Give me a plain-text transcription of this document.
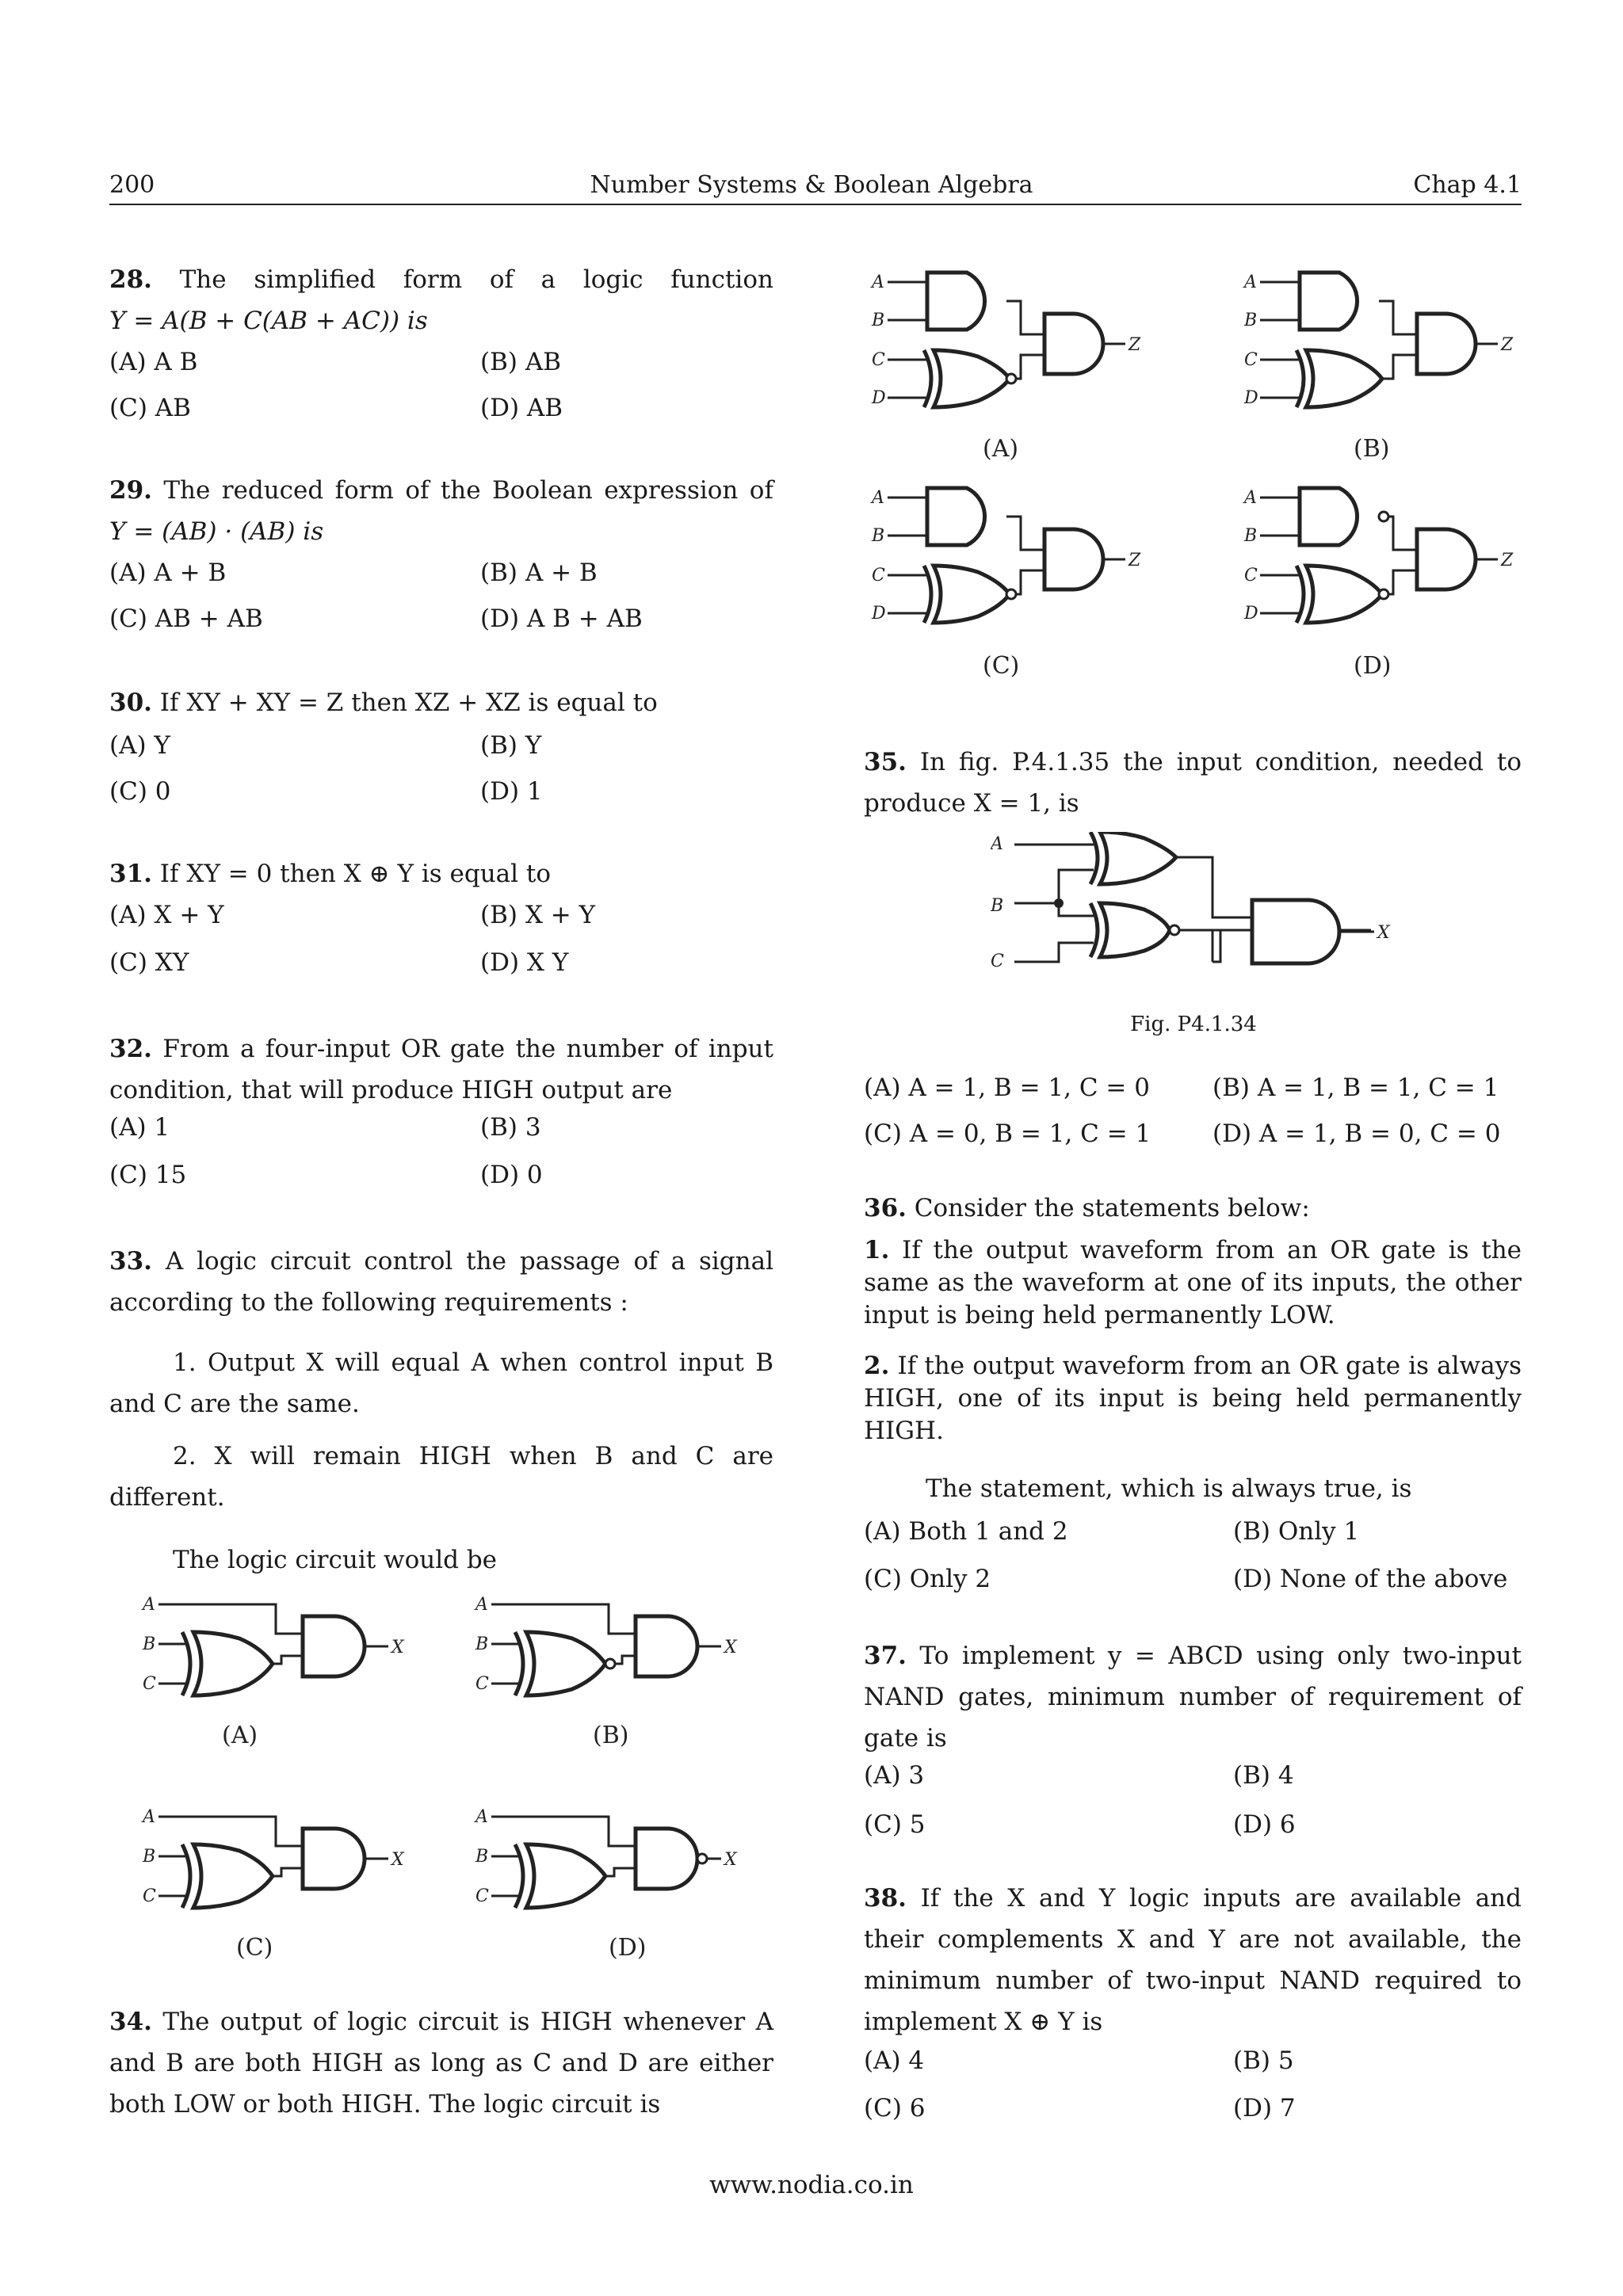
200	Number Systems & Boolean Algebra	Chap 4.1
28. The simplified form of a logic function
Y = A(B + C(AB + AC)) is
(A) A B	(B) AB
(C) AB	(D) AB
29. The reduced form of the Boolean expression of
Y = (AB) · (AB) is
(A) A + B	(B) A + B
(C) AB + AB	(D) A B + AB
30. If XY + XY = Z then XZ + XZ is equal to
(A) Y	(B) Y
(C) 0	(D) 1
31. If XY = 0 then X ⊕ Y is equal to
(A) X + Y	(B) X + Y
(C) XY	(D) X Y
32. From a four-input OR gate the number of input condition, that will produce HIGH output are
(A) 1	(B) 3
(C) 15	(D) 0
33. A logic circuit control the passage of a signal according to the following requirements :
1. Output X will equal A when control input B and C are the same.
2. X will remain HIGH when B and C are different.
The logic circuit would be
A
B
C
X
A
B
C
X
(A)	(B)
A
B
C
X
A
B
C
X
(C)	(D)
34. The output of logic circuit is HIGH whenever A and B are both HIGH as long as C and D are either both LOW or both HIGH. The logic circuit is
A
B
C
D
Z
A
B
C
D
Z
(A)	(B)
A
B
C
D
Z
A
B
C
D
Z
(C)	(D)
35. In fig. P.4.1.35 the input condition, needed to produce X = 1, is
A
B
C
X
Fig. P4.1.34
(A) A = 1, B = 1, C = 0	(B) A = 1, B = 1, C = 1
(C) A = 0, B = 1, C = 1	(D) A = 1, B = 0, C = 0
36. Consider the statements below:
1. If the output waveform from an OR gate is the same as the waveform at one of its inputs, the other input is being held permanently LOW.
2. If the output waveform from an OR gate is always HIGH, one of its input is being held permanently HIGH.
The statement, which is always true, is
(A) Both 1 and 2	(B) Only 1
(C) Only 2	(D) None of the above
37. To implement y = ABCD using only two-input NAND gates, minimum number of requirement of gate is
(A) 3	(B) 4
(C) 5	(D) 6
38. If the X and Y logic inputs are available and their complements X and Y are not available, the minimum number of two-input NAND required to implement X ⊕ Y is
(A) 4	(B) 5
(C) 6	(D) 7
www.nodia.co.in
